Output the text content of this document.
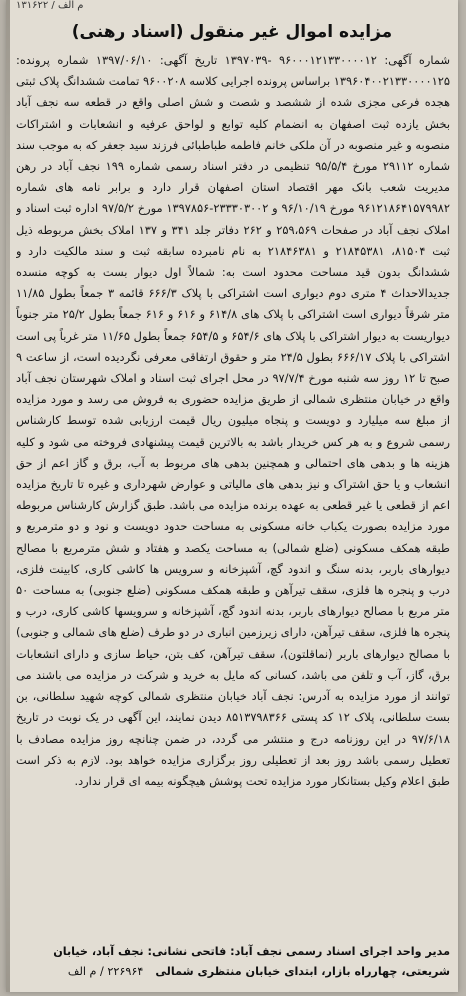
۱۳۱۶۲۲ / م الف
مزایده اموال غیر منقول (اسناد رهنی)

شماره آگهی: ۹۶۰۰۰۱۲۱۳۳۰۰۰۰۱۲ -۱۳۹۷۰۳۹ تاریخ آگهی: ۱۳۹۷/۰۶/۱۰ شماره پرونده: ۱۳۹۶۰۴۰۰۲۱۳۳۰۰۰۰۱۲۵ براساس پرونده اجرایی کلاسه ۹۶۰۰۲۰۸ تمامت ششدانگ پلاک ثبتی هجده فرعی مجزی شده از ششصد و شصت و شش اصلی واقع در قطعه سه نجف آباد بخش یازده ثبت اصفهان به انضمام کلیه توابع و لواحق عرفیه و انشعابات و اشتراکات منصوبه و غیر منصوبه در آن ملکی خانم فاطمه طباطبائی فرزند سید جعفر که به موجب سند شماره ۲۹۱۱۲ مورخ ۹۵/۵/۴ تنظیمی در دفتر اسناد رسمی شماره ۱۹۹ نجف آباد در رهن مدیریت شعب بانک مهر اقتصاد استان اصفهان قرار دارد و برابر نامه های شماره ۹۶۱۲۱۸۶۴۱۵۷۹۹۸۲ مورخ ۹۶/۱۰/۱۹ و ۲۳۳۳۰۳۰۰۲-۱۳۹۷۸۵۶ مورخ ۹۷/۵/۲ اداره ثبت اسناد و املاک نجف آباد در صفحات ۲۵۹،۵۶۹ و ۲۶۲ دفاتر جلد ۳۴۱ و ۱۳۷ املاک بخش مربوطه ذیل ثبت ۸۱۵۰۴، ۲۱۸۴۵۳۸۱ و ۲۱۸۴۶۳۸۱ به نام نامبرده سابقه ثبت و سند مالکیت دارد و ششدانگ بدون قید مساحت محدود است به: شمالاً اول دیوار بست به کوچه منسده جدیدالاحداث ۴ متری دوم دیواری است اشتراکی با پلاک ۶۶۶/۳ قائمه ۳ جمعاً بطول ۱۱/۸۵ متر شرقاً دیواری است اشتراکی با پلاک های ۶۱۴/۸ و ۶۱۶ و ۶۱۶ جمعاً بطول ۲۵/۲ متر جنوباً دیواریست به دیوار اشتراکی با پلاک های ۶۵۴/۶ و ۶۵۴/۵ جمعاً بطول ۱۱/۶۵ متر غرباً پی است اشتراکی با پلاک ۶۶۶/۱۷ بطول ۲۴/۵ متر و حقوق ارتفاقی معرفی نگردیده است، از ساعت ۹ صبح تا ۱۲ روز سه شنبه مورخ ۹۷/۷/۴ در محل اجرای ثبت اسناد و املاک شهرستان نجف آباد واقع در خیابان منتظری شمالی از طریق مزایده حضوری به فروش می رسد و مورد مزایده از مبلغ سه میلیارد و دویست و پنجاه میلیون ریال قیمت ارزیابی شده توسط کارشناس رسمی شروع و به هر کس خریدار باشد به بالاترین قیمت پیشنهادی فروخته می شود و کلیه هزینه ها و بدهی های احتمالی و همچنین بدهی های مربوط به آب، برق و گاز اعم از حق انشعاب و یا حق اشتراک و نیز بدهی های مالیاتی و عوارض شهرداری و غیره تا تاریخ مزایده اعم از قطعی یا غیر قطعی به عهده برنده مزایده می باشد. طبق گزارش کارشناس مربوطه مورد مزایده بصورت یکباب خانه مسکونی به مساحت حدود دویست و نود و دو مترمربع و طبقه همکف مسکونی (ضلع شمالی) به مساحت یکصد و هفتاد و شش مترمربع با مصالح دیوارهای باربر، بدنه سنگ و اندود گچ، آشپزخانه و سرویس ها کاشی کاری، کابینت فلزی، درب و پنجره ها فلزی، سقف تیرآهن و طبقه همکف مسکونی (ضلع جنوبی) به مساحت ۵۰ متر مربع با مصالح دیوارهای باربر، بدنه اندود گچ، آشپزخانه و سرویسها کاشی کاری، درب و پنجره ها فلزی، سقف تیرآهن، دارای زیرزمین انباری در دو طرف (ضلع های شمالی و جنوبی) با مصالح دیوارهای باربر (نماقلتون)، سقف تیرآهن، کف بتن، حیاط سازی و دارای انشعابات برق، گاز، آب و تلفن می باشد، کسانی که مایل به خرید و شرکت در مزایده می باشند می توانند از مورد مزایده به آدرس: نجف آباد خیابان منتظری شمالی کوچه شهید سلطانی، بن بست سلطانی، پلاک ۱۲ کد پستی ۸۵۱۳۷۹۸۳۶۶ دیدن نمایند، این آگهی در یک نوبت در تاریخ ۹۷/۶/۱۸ در این روزنامه درج و منتشر می گردد، در ضمن چنانچه روز مزایده مصادف با تعطیل رسمی باشد روز بعد از تعطیلی روز برگزاری مزایده خواهد بود. لازم به ذکر است طبق اعلام وکیل بستانکار مورد مزایده تحت پوشش هیچگونه بیمه ای قرار ندارد.

مدیر واحد اجرای اسناد رسمی نجف آباد: فاتحی نشانی: نجف آباد، خیابان شریعتی، چهارراه بازار، ابتدای خیابان منتظری شمالی ۲۲۶۹۶۴ / م الف
